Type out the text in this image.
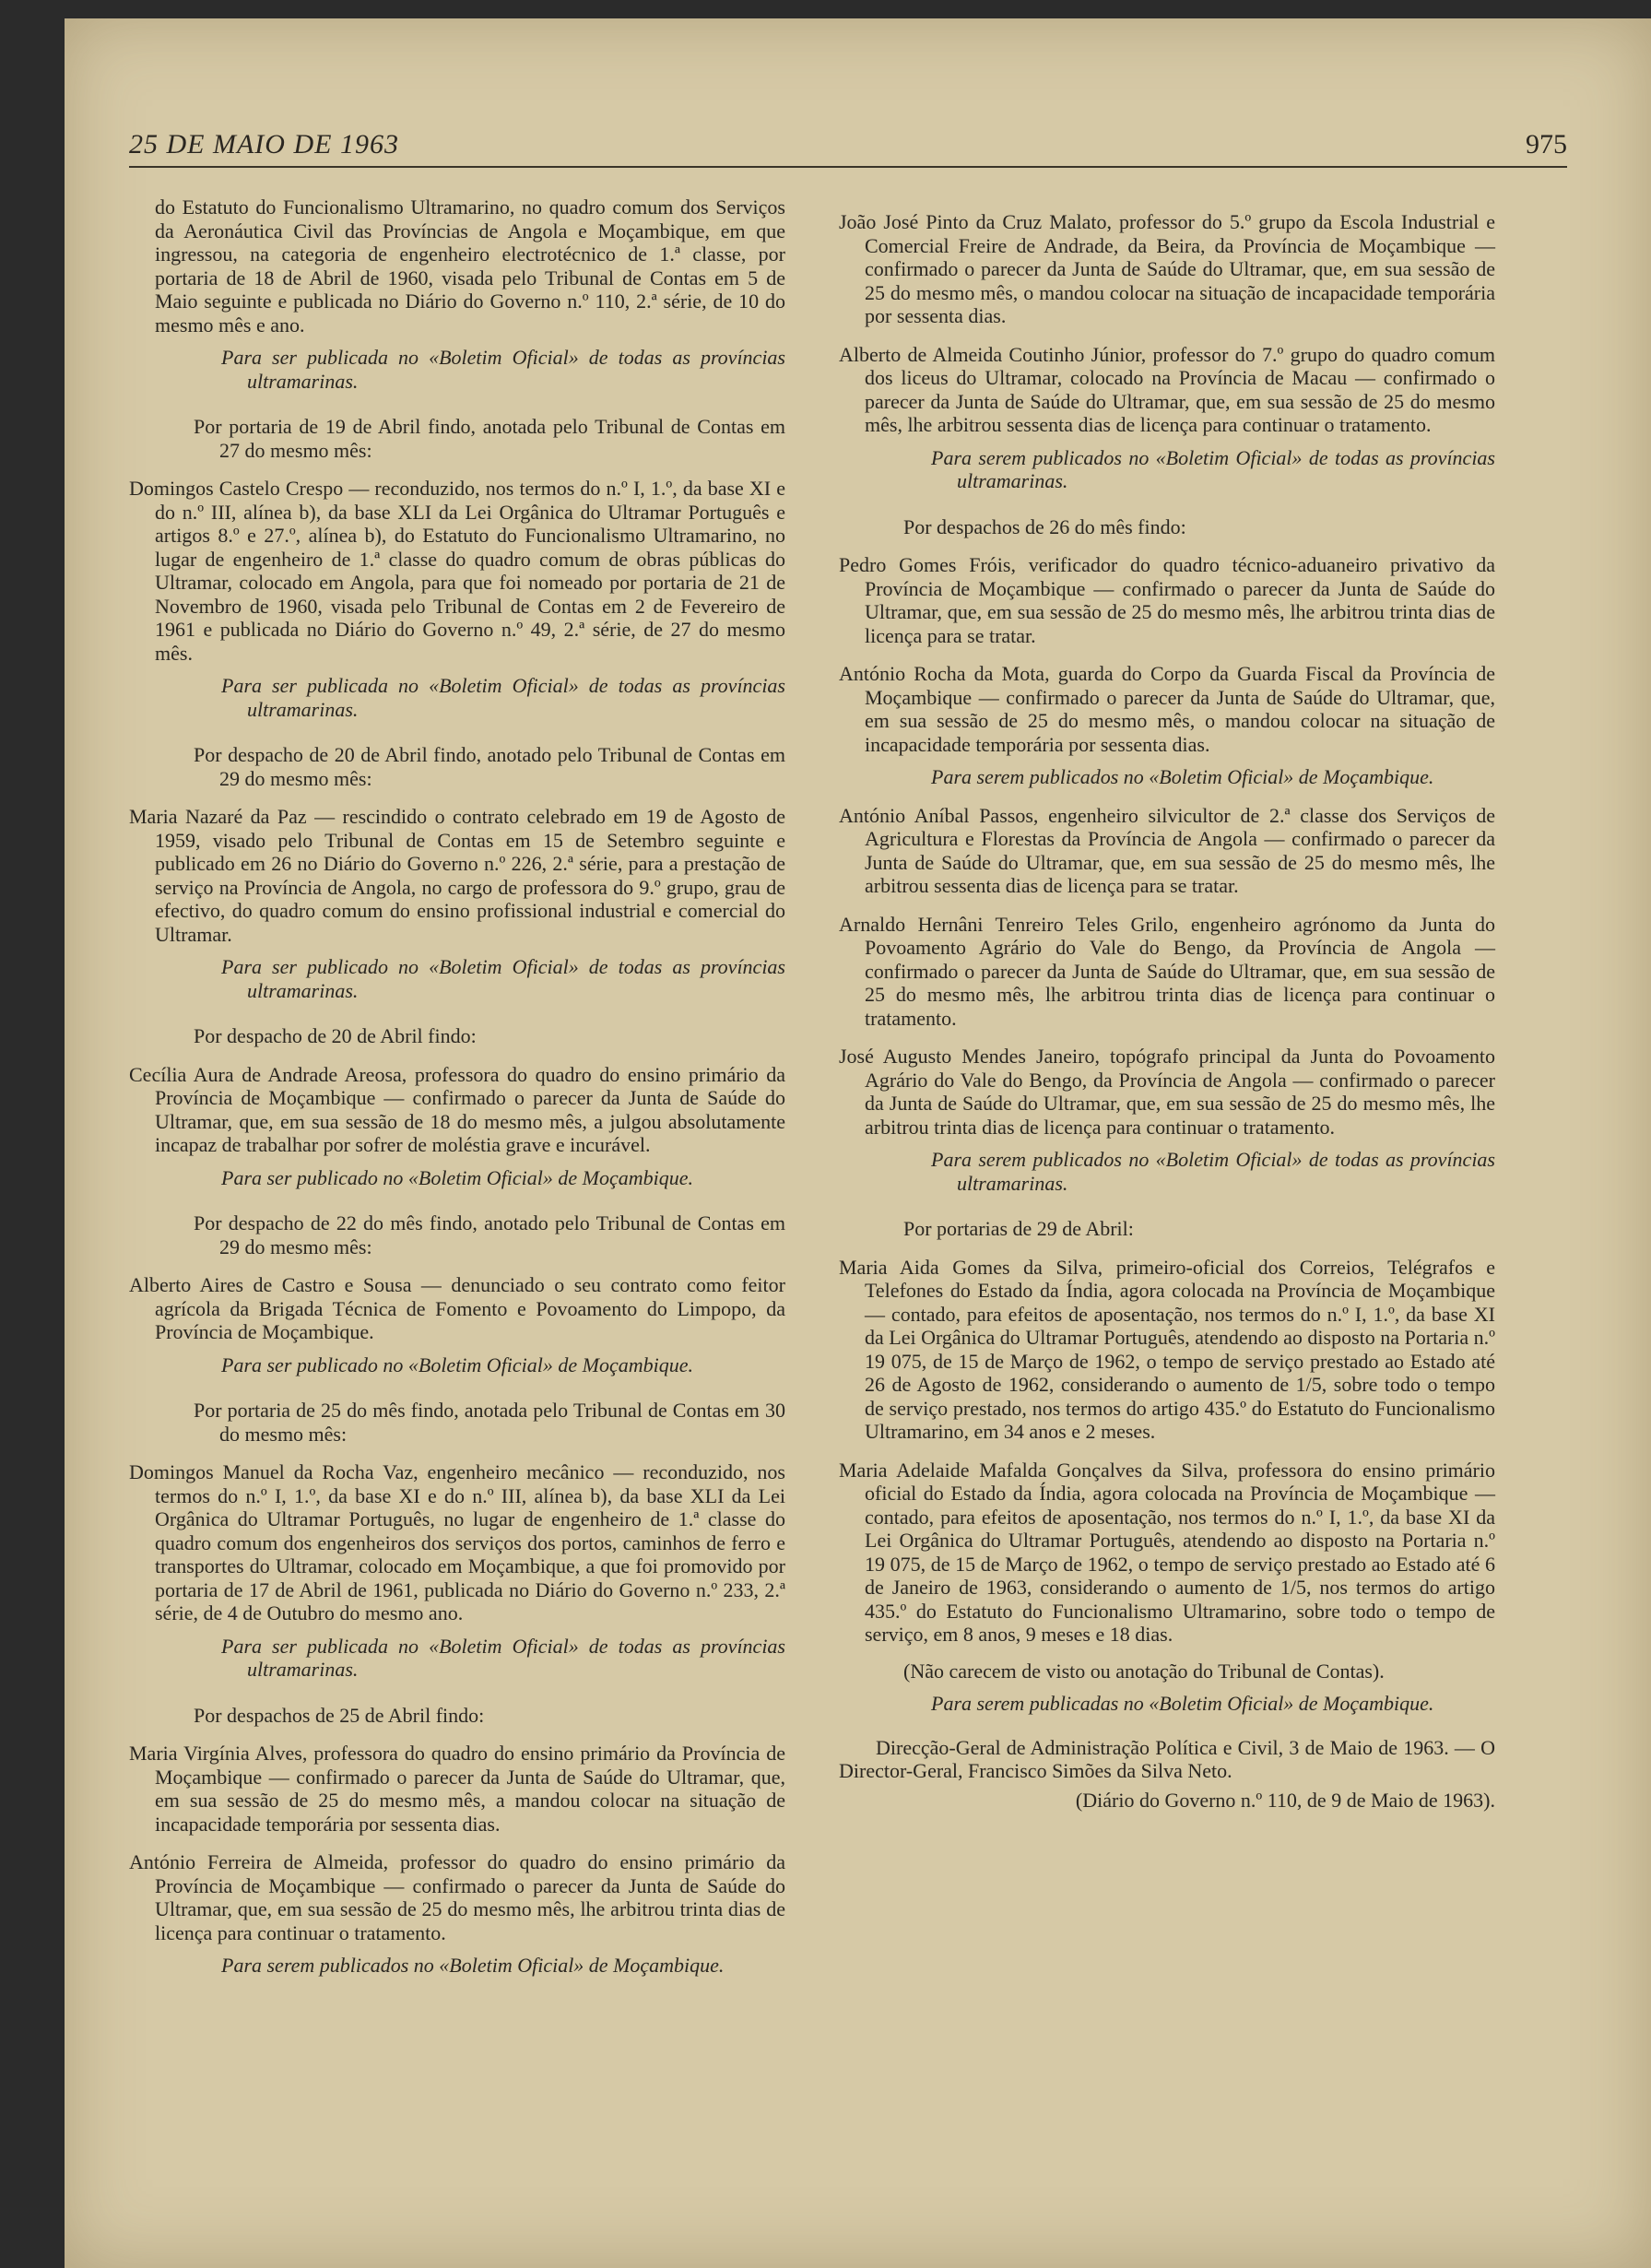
25 DE MAIO DE 1963	975

do Estatuto do Funcionalismo Ultramarino, no quadro comum dos Serviços da Aeronáutica Civil das Províncias de Angola e Moçambique, em que ingressou, na categoria de engenheiro electrotécnico de 1.ª classe, por portaria de 18 de Abril de 1960, visada pelo Tribunal de Contas em 5 de Maio seguinte e publicada no Diário do Governo n.º 110, 2.ª série, de 10 do mesmo mês e ano.

Para ser publicada no «Boletim Oficial» de todas as províncias ultramarinas.

Por portaria de 19 de Abril findo, anotada pelo Tribunal de Contas em 27 do mesmo mês:

Domingos Castelo Crespo — reconduzido, nos termos do n.º I, 1.º, da base XI e do n.º III, alínea b), da base XLI da Lei Orgânica do Ultramar Português e artigos 8.º e 27.º, alínea b), do Estatuto do Funcionalismo Ultramarino, no lugar de engenheiro de 1.ª classe do quadro comum de obras públicas do Ultramar, colocado em Angola, para que foi nomeado por portaria de 21 de Novembro de 1960, visada pelo Tribunal de Contas em 2 de Fevereiro de 1961 e publicada no Diário do Governo n.º 49, 2.ª série, de 27 do mesmo mês.

Para ser publicada no «Boletim Oficial» de todas as províncias ultramarinas.

Por despacho de 20 de Abril findo, anotado pelo Tribunal de Contas em 29 do mesmo mês:

Maria Nazaré da Paz — rescindido o contrato celebrado em 19 de Agosto de 1959, visado pelo Tribunal de Contas em 15 de Setembro seguinte e publicado em 26 no Diário do Governo n.º 226, 2.ª série, para a prestação de serviço na Província de Angola, no cargo de professora do 9.º grupo, grau de efectivo, do quadro comum do ensino profissional industrial e comercial do Ultramar.

Para ser publicado no «Boletim Oficial» de todas as províncias ultramarinas.

Por despacho de 20 de Abril findo:

Cecília Aura de Andrade Areosa, professora do quadro do ensino primário da Província de Moçambique — confirmado o parecer da Junta de Saúde do Ultramar, que, em sua sessão de 18 do mesmo mês, a julgou absolutamente incapaz de trabalhar por sofrer de moléstia grave e incurável.

Para ser publicado no «Boletim Oficial» de Moçambique.

Por despacho de 22 do mês findo, anotado pelo Tribunal de Contas em 29 do mesmo mês:

Alberto Aires de Castro e Sousa — denunciado o seu contrato como feitor agrícola da Brigada Técnica de Fomento e Povoamento do Limpopo, da Província de Moçambique.

Para ser publicado no «Boletim Oficial» de Moçambique.

Por portaria de 25 do mês findo, anotada pelo Tribunal de Contas em 30 do mesmo mês:

Domingos Manuel da Rocha Vaz, engenheiro mecânico — reconduzido, nos termos do n.º I, 1.º, da base XI e do n.º III, alínea b), da base XLI da Lei Orgânica do Ultramar Português, no lugar de engenheiro de 1.ª classe do quadro comum dos engenheiros dos serviços dos portos, caminhos de ferro e transportes do Ultramar, colocado em Moçambique, a que foi promovido por portaria de 17 de Abril de 1961, publicada no Diário do Governo n.º 233, 2.ª série, de 4 de Outubro do mesmo ano.

Para ser publicada no «Boletim Oficial» de todas as províncias ultramarinas.

Por despachos de 25 de Abril findo:

Maria Virgínia Alves, professora do quadro do ensino primário da Província de Moçambique — confirmado o parecer da Junta de Saúde do Ultramar, que, em sua sessão de 25 do mesmo mês, a mandou colocar na situação de incapacidade temporária por sessenta dias.

António Ferreira de Almeida, professor do quadro do ensino primário da Província de Moçambique — confirmado o parecer da Junta de Saúde do Ultramar, que, em sua sessão de 25 do mesmo mês, lhe arbitrou trinta dias de licença para continuar o tratamento.

Para serem publicados no «Boletim Oficial» de Moçambique.

João José Pinto da Cruz Malato, professor do 5.º grupo da Escola Industrial e Comercial Freire de Andrade, da Beira, da Província de Moçambique — confirmado o parecer da Junta de Saúde do Ultramar, que, em sua sessão de 25 do mesmo mês, o mandou colocar na situação de incapacidade temporária por sessenta dias.

Alberto de Almeida Coutinho Júnior, professor do 7.º grupo do quadro comum dos liceus do Ultramar, colocado na Província de Macau — confirmado o parecer da Junta de Saúde do Ultramar, que, em sua sessão de 25 do mesmo mês, lhe arbitrou sessenta dias de licença para continuar o tratamento.

Para serem publicados no «Boletim Oficial» de todas as províncias ultramarinas.

Por despachos de 26 do mês findo:

Pedro Gomes Fróis, verificador do quadro técnico-aduaneiro privativo da Província de Moçambique — confirmado o parecer da Junta de Saúde do Ultramar, que, em sua sessão de 25 do mesmo mês, lhe arbitrou trinta dias de licença para se tratar.

António Rocha da Mota, guarda do Corpo da Guarda Fiscal da Província de Moçambique — confirmado o parecer da Junta de Saúde do Ultramar, que, em sua sessão de 25 do mesmo mês, o mandou colocar na situação de incapacidade temporária por sessenta dias.

Para serem publicados no «Boletim Oficial» de Moçambique.

António Aníbal Passos, engenheiro silvicultor de 2.ª classe dos Serviços de Agricultura e Florestas da Província de Angola — confirmado o parecer da Junta de Saúde do Ultramar, que, em sua sessão de 25 do mesmo mês, lhe arbitrou sessenta dias de licença para se tratar.

Arnaldo Hernâni Tenreiro Teles Grilo, engenheiro agrónomo da Junta do Povoamento Agrário do Vale do Bengo, da Província de Angola — confirmado o parecer da Junta de Saúde do Ultramar, que, em sua sessão de 25 do mesmo mês, lhe arbitrou trinta dias de licença para continuar o tratamento.

José Augusto Mendes Janeiro, topógrafo principal da Junta do Povoamento Agrário do Vale do Bengo, da Província de Angola — confirmado o parecer da Junta de Saúde do Ultramar, que, em sua sessão de 25 do mesmo mês, lhe arbitrou trinta dias de licença para continuar o tratamento.

Para serem publicados no «Boletim Oficial» de todas as províncias ultramarinas.

Por portarias de 29 de Abril:

Maria Aida Gomes da Silva, primeiro-oficial dos Correios, Telégrafos e Telefones do Estado da Índia, agora colocada na Província de Moçambique — contado, para efeitos de aposentação, nos termos do n.º I, 1.º, da base XI da Lei Orgânica do Ultramar Português, atendendo ao disposto na Portaria n.º 19 075, de 15 de Março de 1962, o tempo de serviço prestado ao Estado até 26 de Agosto de 1962, considerando o aumento de 1/5, sobre todo o tempo de serviço prestado, nos termos do artigo 435.º do Estatuto do Funcionalismo Ultramarino, em 34 anos e 2 meses.

Maria Adelaide Mafalda Gonçalves da Silva, professora do ensino primário oficial do Estado da Índia, agora colocada na Província de Moçambique — contado, para efeitos de aposentação, nos termos do n.º I, 1.º, da base XI da Lei Orgânica do Ultramar Português, atendendo ao disposto na Portaria n.º 19 075, de 15 de Março de 1962, o tempo de serviço prestado ao Estado até 6 de Janeiro de 1963, considerando o aumento de 1/5, nos termos do artigo 435.º do Estatuto do Funcionalismo Ultramarino, sobre todo o tempo de serviço, em 8 anos, 9 meses e 18 dias.

(Não carecem de visto ou anotação do Tribunal de Contas).

Para serem publicadas no «Boletim Oficial» de Moçambique.

Direcção-Geral de Administração Política e Civil, 3 de Maio de 1963. — O Director-Geral, Francisco Simões da Silva Neto.

(Diário do Governo n.º 110, de 9 de Maio de 1963).
